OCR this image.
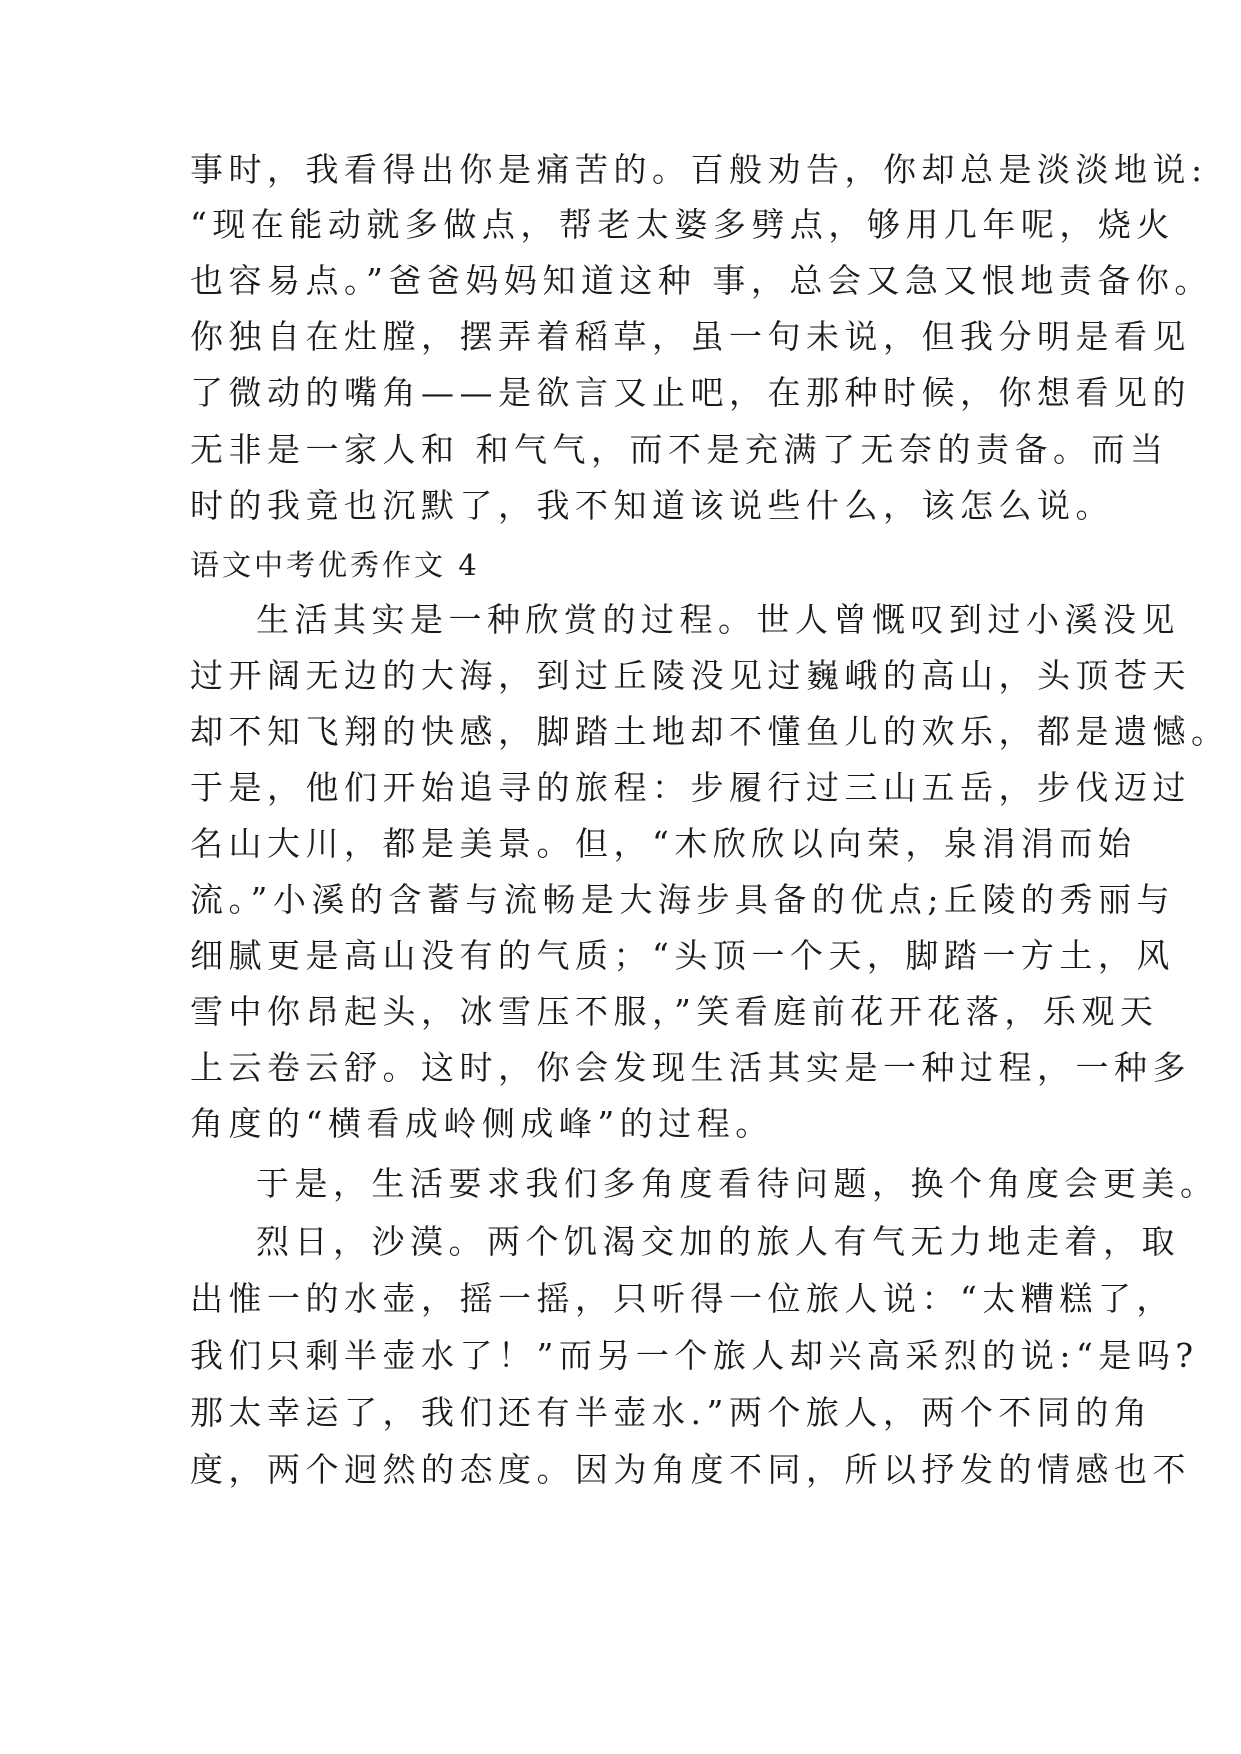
事时，我看得出你是痛苦的。百般劝告，你却总是淡淡地说:
“现在能动就多做点，帮老太婆多劈点，够用几年呢，烧火
也容易点。”爸爸妈妈知道这种 事，总会又急又恨地责备你。
你独自在灶膛，摆弄着稻草，虽一句未说，但我分明是看见
了微动的嘴角——是欲言又止吧，在那种时候，你想看见的
无非是一家人和 和气气，而不是充满了无奈的责备。而当
时的我竟也沉默了，我不知道该说些什么，该怎么说。
语文中考优秀作文 4
生活其实是一种欣赏的过程。世人曾慨叹到过小溪没见
过开阔无边的大海，到过丘陵没见过巍峨的高山，头顶苍天
却不知飞翔的快感，脚踏土地却不懂鱼儿的欢乐，都是遗憾。
于是，他们开始追寻的旅程：步履行过三山五岳，步伐迈过
名山大川，都是美景。但，“木欣欣以向荣，泉涓涓而始
流。”小溪的含蓄与流畅是大海步具备的优点;丘陵的秀丽与
细腻更是高山没有的气质；“头顶一个天，脚踏一方土，风
雪中你昂起头，冰雪压不服，”笑看庭前花开花落，乐观天
上云卷云舒。这时，你会发现生活其实是一种过程，一种多
角度的“横看成岭侧成峰”的过程。
于是，生活要求我们多角度看待问题，换个角度会更美。
烈日，沙漠。两个饥渴交加的旅人有气无力地走着，取
出惟一的水壶，摇一摇，只听得一位旅人说：“太糟糕了，
我们只剩半壶水了！”而另一个旅人却兴高采烈的说:“是吗?
那太幸运了，我们还有半壶水.”两个旅人，两个不同的角
度，两个迥然的态度。因为角度不同，所以抒发的情感也不
